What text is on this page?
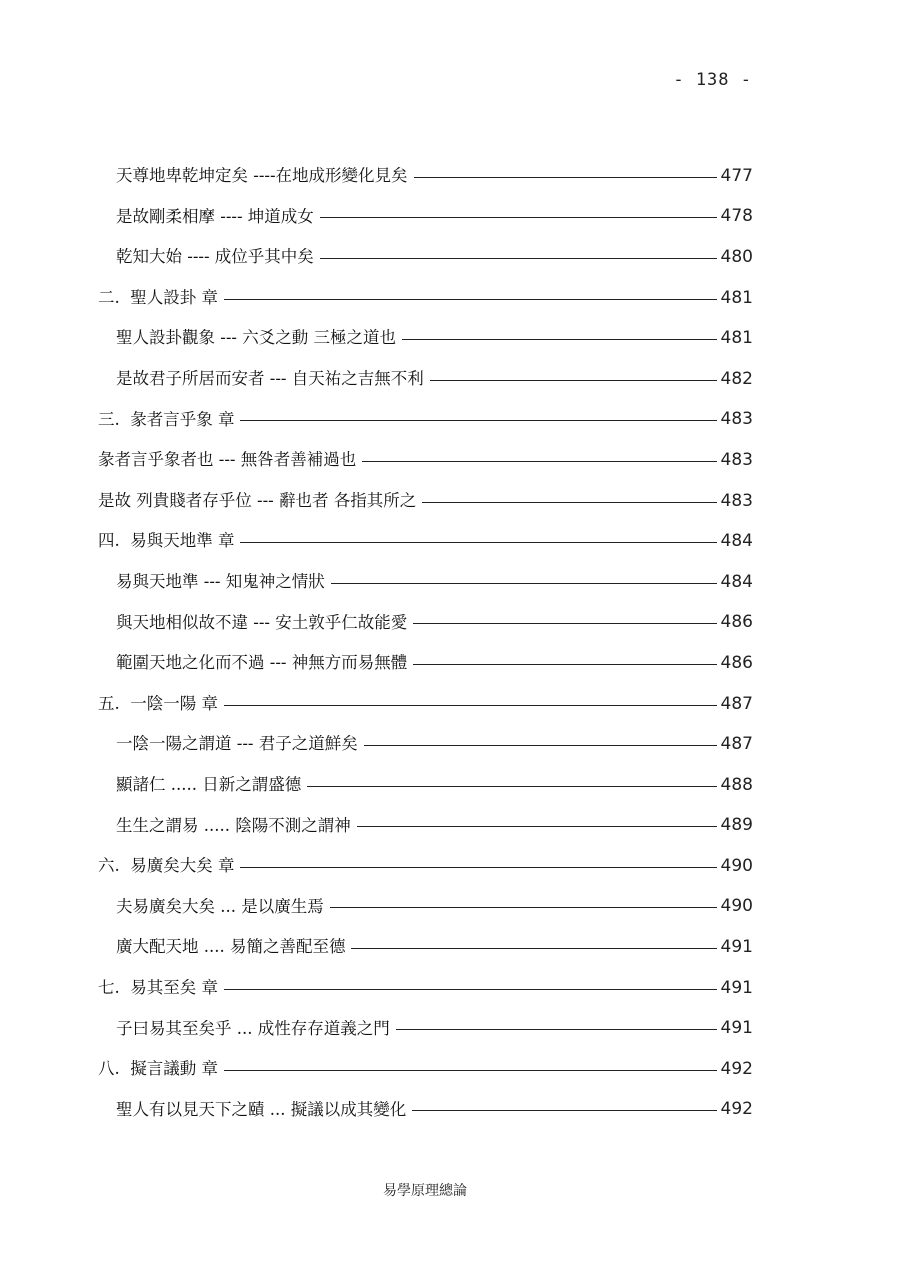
- 138 -
天尊地卑乾坤定矣 ----在地成形變化見矣	477
是故剛柔相摩 ---- 坤道成女	478
乾知大始 ---- 成位乎其中矣	480
二.  聖人設卦 章	481
聖人設卦觀象 --- 六爻之動 三極之道也	481
是故君子所居而安者 --- 自天祐之吉無不利	482
三.  彖者言乎象 章	483
彖者言乎象者也 --- 無咎者善補過也	483
是故 列貴賤者存乎位 --- 辭也者 各指其所之	483
四.  易與天地準 章	484
易與天地準 --- 知鬼神之情狀	484
與天地相似故不違 --- 安土敦乎仁故能愛	486
範圍天地之化而不過 --- 神無方而易無體	486
五.  一陰一陽 章	487
一陰一陽之謂道 --- 君子之道鮮矣	487
顯諸仁 ..... 日新之謂盛德	488
生生之謂易 ..... 陰陽不測之謂神	489
六.  易廣矣大矣 章	490
夫易廣矣大矣 ... 是以廣生焉	490
廣大配天地 .... 易簡之善配至德	491
七.  易其至矣 章	491
子曰易其至矣乎 ... 成性存存道義之門	491
八.  擬言議動 章	492
聖人有以見天下之賾 ... 擬議以成其變化	492
易學原理總論
